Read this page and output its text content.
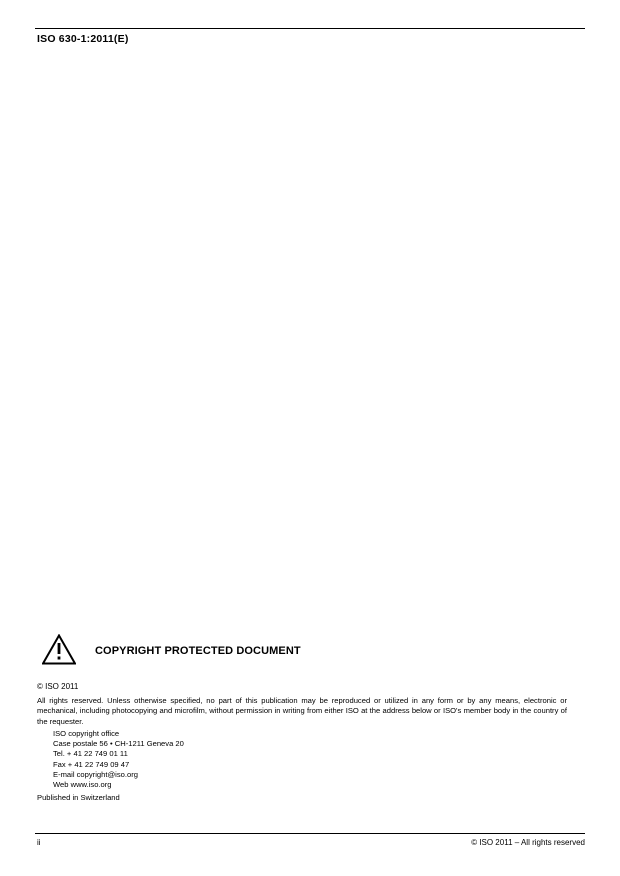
ISO 630-1:2011(E)
COPYRIGHT PROTECTED DOCUMENT
© ISO 2011
All rights reserved. Unless otherwise specified, no part of this publication may be reproduced or utilized in any form or by any means, electronic or mechanical, including photocopying and microfilm, without permission in writing from either ISO at the address below or ISO's member body in the country of the requester.
ISO copyright office
Case postale 56 • CH-1211 Geneva 20
Tel. + 41 22 749 01 11
Fax + 41 22 749 09 47
E-mail copyright@iso.org
Web www.iso.org
Published in Switzerland
ii	© ISO 2011 – All rights reserved
